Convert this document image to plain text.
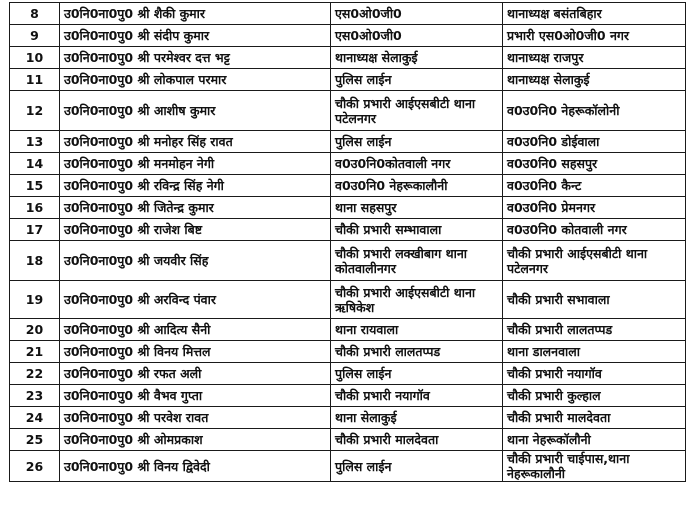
8	उ0नि0ना0पु0 श्री शैकी कुमार	एस0ओ0जी0	थानाध्यक्ष बसंतबिहार
9	उ0नि0ना0पु0 श्री संदीप कुमार	एस0ओ0जी0	प्रभारी एस0ओ0जी0 नगर
10	उ0नि0ना0पु0 श्री परमेश्वर दत्त भट्ट	थानाध्यक्ष सेलाकुई	थानाध्यक्ष राजपुर
11	उ0नि0ना0पु0 श्री लोकपाल परमार	पुलिस लाईन	थानाध्यक्ष सेलाकुई
12	उ0नि0ना0पु0 श्री आशीष कुमार	चौकी प्रभारी आईएसबीटी थाना पटेलनगर	व0उ0नि0 नेहरूकॉलोनी
13	उ0नि0ना0पु0 श्री मनोहर सिंह रावत	पुलिस लाईन	व0उ0नि0 डोईवाला
14	उ0नि0ना0पु0 श्री मनमोहन नेगी	व0उ0नि0कोतवाली नगर	व0उ0नि0 सहसपुर
15	उ0नि0ना0पु0 श्री रविन्द्र सिंह नेगी	व0उ0नि0 नेहरूकालौनी	व0उ0नि0 कैन्ट
16	उ0नि0ना0पु0 श्री जितेन्द्र कुमार	थाना सहसपुर	व0उ0नि0 प्रेमनगर
17	उ0नि0ना0पु0 श्री राजेश बिष्ट	चौकी प्रभारी सम्भावाला	व0उ0नि0 कोतवाली नगर
18	उ0नि0ना0पु0 श्री जयवीर सिंह	चौकी प्रभारी लक्खीबाग थाना कोतवालीनगर	चौकी प्रभारी आईएसबीटी थाना पटेलनगर
19	उ0नि0ना0पु0 श्री अरविन्द पंवार	चौकी प्रभारी आईएसबीटी थाना ऋषिकेश	चौकी प्रभारी सभावाला
20	उ0नि0ना0पु0 श्री आदित्य सैनी	थाना रायवाला	चौकी प्रभारी लालतप्पड
21	उ0नि0ना0पु0 श्री विनय मित्तल	चौकी प्रभारी लालतप्पड	थाना डालनवाला
22	उ0नि0ना0पु0 श्री रफत अली	पुलिस लाईन	चौकी प्रभारी नयागॉव
23	उ0नि0ना0पु0 श्री वैभव गुप्ता	चौकी प्रभारी नयागॉव	चौकी प्रभारी कुल्हाल
24	उ0नि0ना0पु0 श्री परवेश रावत	थाना सेलाकुई	चौकी प्रभारी मालदेवता
25	उ0नि0ना0पु0 श्री ओमप्रकाश	चौकी प्रभारी मालदेवता	थाना नेहरूकॉलौनी
26	उ0नि0ना0पु0 श्री विनय द्विवेदी	पुलिस लाईन	चौकी प्रभारी चाईपास,थाना नेहरूकालौनी
